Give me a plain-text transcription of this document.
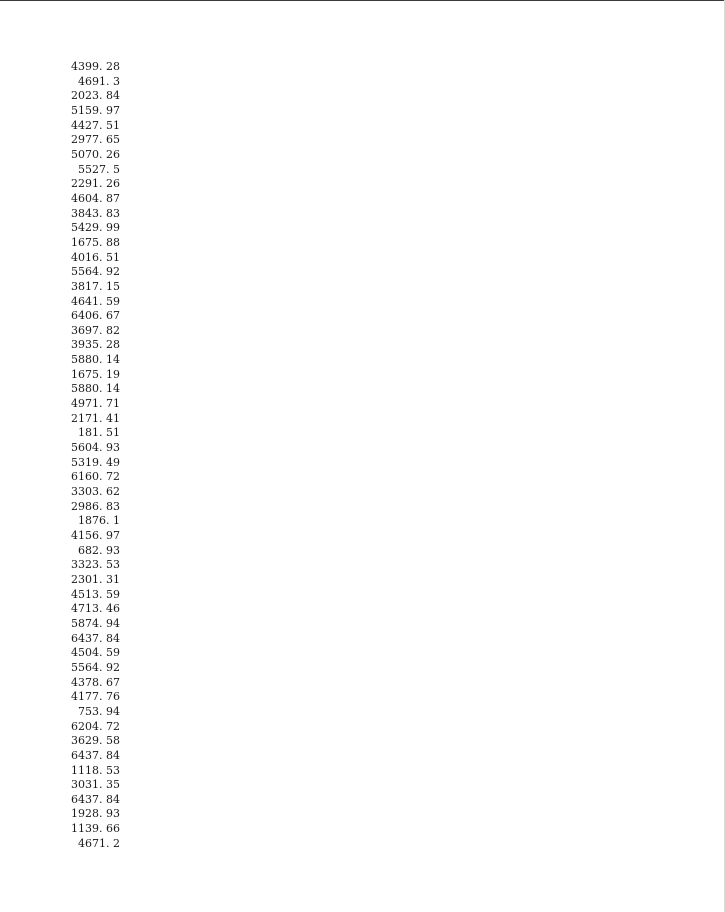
4399. 28
4691. 3
2023. 84
5159. 97
4427. 51
2977. 65
5070. 26
5527. 5
2291. 26
4604. 87
3843. 83
5429. 99
1675. 88
4016. 51
5564. 92
3817. 15
4641. 59
6406. 67
3697. 82
3935. 28
5880. 14
1675. 19
5880. 14
4971. 71
2171. 41
181. 51
5604. 93
5319. 49
6160. 72
3303. 62
2986. 83
1876. 1
4156. 97
682. 93
3323. 53
2301. 31
4513. 59
4713. 46
5874. 94
6437. 84
4504. 59
5564. 92
4378. 67
4177. 76
753. 94
6204. 72
3629. 58
6437. 84
1118. 53
3031. 35
6437. 84
1928. 93
1139. 66
4671. 2
